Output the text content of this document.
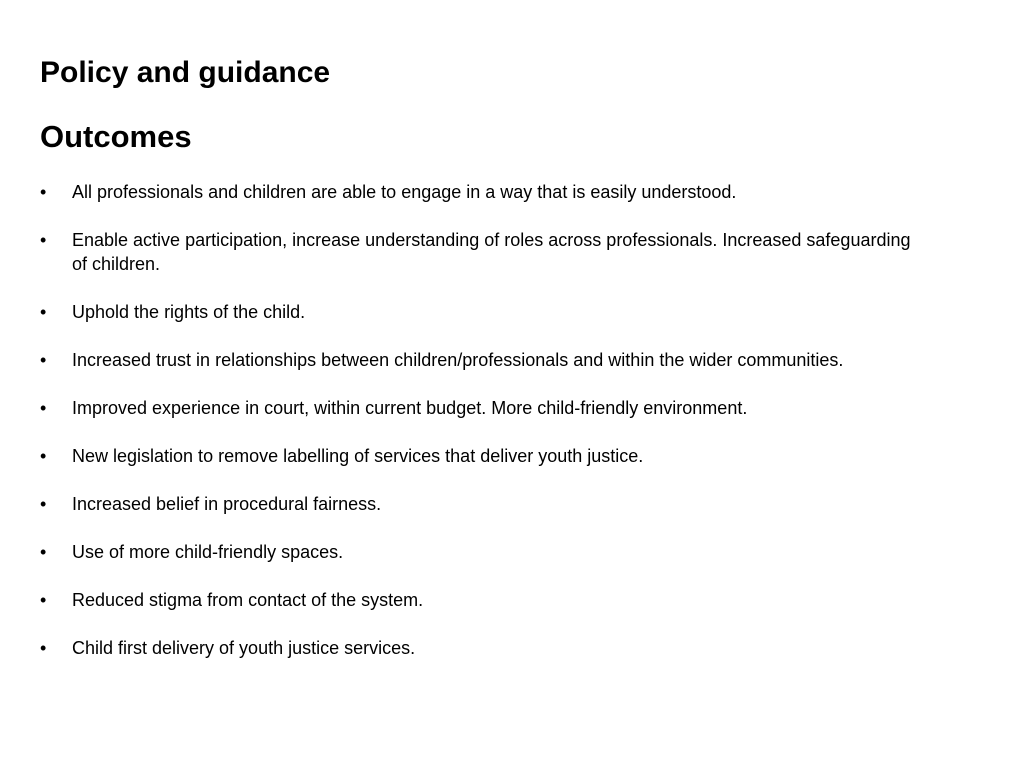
Policy and guidance
Outcomes
• All professionals and children are able to engage in a way that is easily understood.
• Enable active participation, increase understanding of roles across professionals. Increased safeguarding of children.
• Uphold the rights of the child.
• Increased trust in relationships between children/professionals and within the wider communities.
• Improved experience in court, within current budget. More child-friendly environment.
• New legislation to remove labelling of services that deliver youth justice.
• Increased belief in procedural fairness.
• Use of more child-friendly spaces.
• Reduced stigma from contact of the system.
• Child first delivery of youth justice services.
